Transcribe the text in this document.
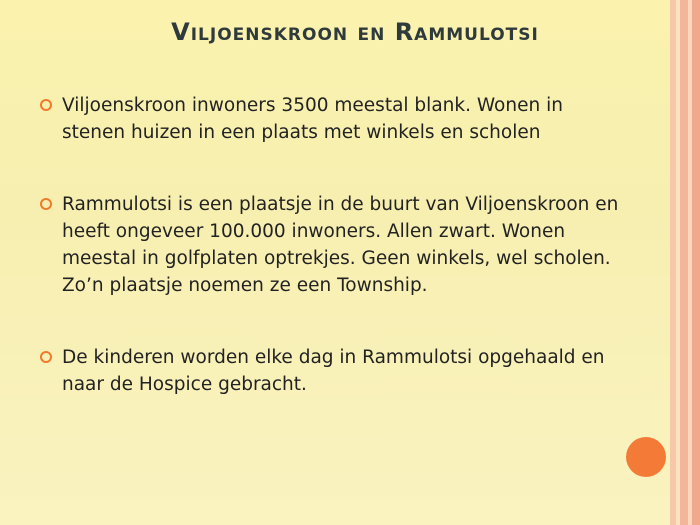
Viljoenskroon en Rammulotsi
Viljoenskroon inwoners 3500 meestal blank. Wonen in stenen huizen in een plaats met winkels en scholen
Rammulotsi is een plaatsje in de buurt van Viljoenskroon en heeft ongeveer 100.000 inwoners. Allen zwart. Wonen meestal in golfplaten optrekjes. Geen winkels, wel scholen. Zo’n plaatsje noemen ze een Township.
De kinderen worden elke dag in Rammulotsi opgehaald en naar de Hospice gebracht.
